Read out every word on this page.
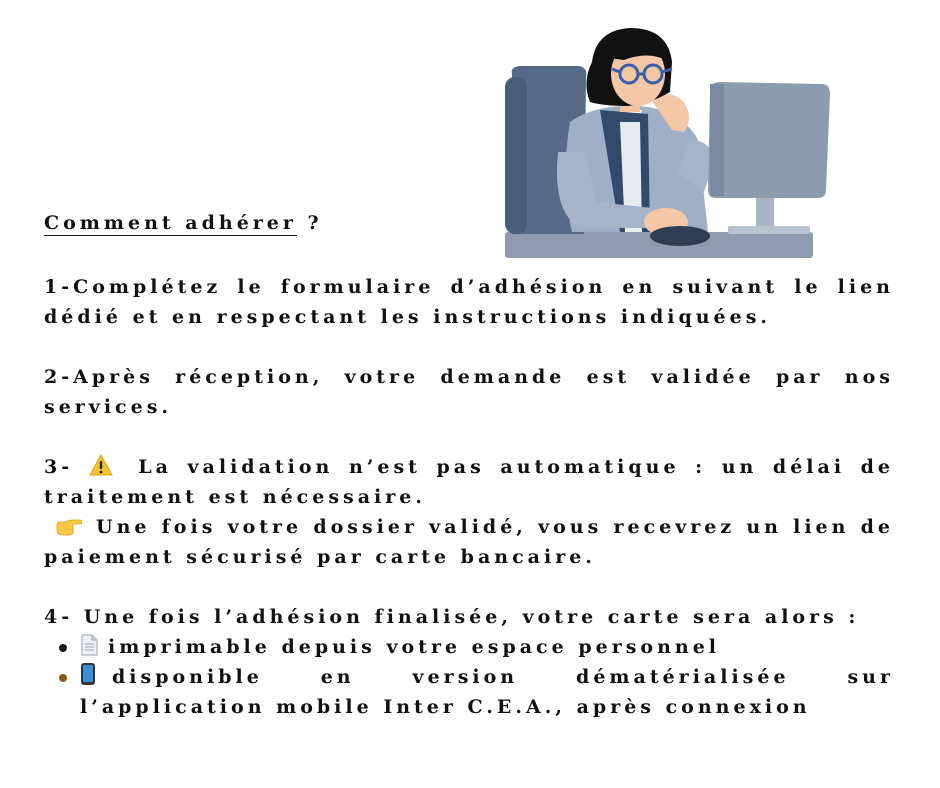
Comment adhérer ?

1-Complétez le formulaire d’adhésion en suivant le lien dédié et en respectant les instructions indiquées.

2-Après réception, votre demande est validée par nos services.

3-	La validation n’est pas automatique : un délai de traitement est nécessaire.

Une fois votre dossier validé, vous recevrez un lien de paiement sécurisé par carte bancaire.

4- Une fois l’adhésion finalisée, votre carte sera alors :

imprimable depuis votre espace personnel
disponible en version dématérialisée sur l’application mobile Inter C.E.A., après connexion
